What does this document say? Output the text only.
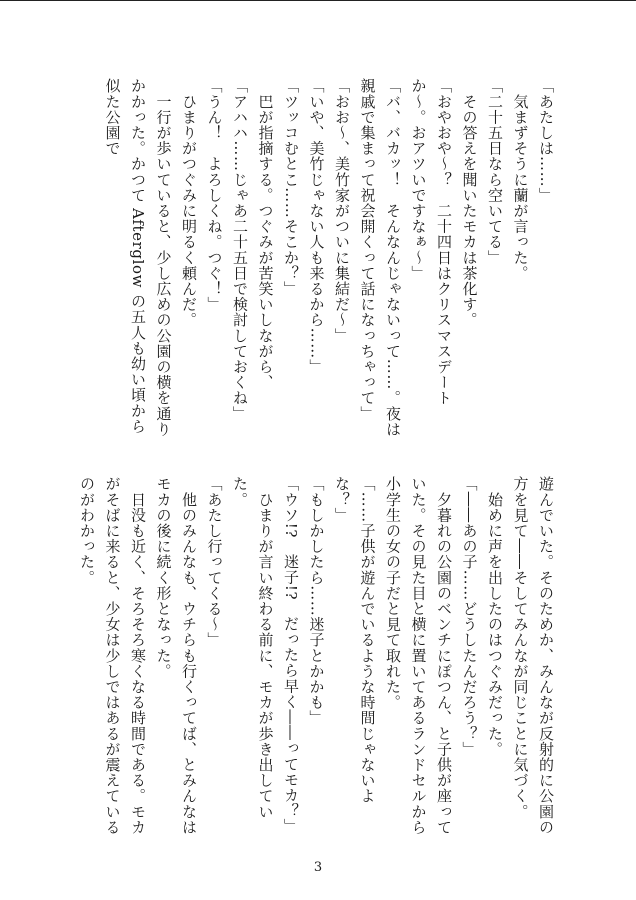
「あたしは……」

　気まずそうに蘭が言った。

「二十五日なら空いてる」

　その答えを聞いたモカは茶化す。

「おやおや〜？　二十四日はクリスマスデートか〜。おアツいですなぁ〜」

「バ、バカッ！　そんなんじゃないって……。夜は親戚で集まって祝会開くって話になっちゃって」

「おお〜、美竹家がついに集結だ〜」

「いや、美竹じゃない人も来るから……」

「ツッコむとこ……そこか？」

　巴が指摘する。つぐみが苦笑いしながら、

「アハハ……じゃあ二十五日で検討しておくね」

「うん！　よろしくね。つぐ！」

　ひまりがつぐみに明るく頼んだ。

　一行が歩いていると、少し広めの公園の横を通りかかった。かつて Afterglow の五人も幼い頃から似た公園で

遊んでいた。そのためか、みんなが反射的に公園の方を見て――そしてみんなが同じことに気づく。

　始めに声を出したのはつぐみだった。

「――あの子……どうしたんだろう？」

　夕暮れの公園のベンチにぽつん、と子供が座っていた。その見た目と横に置いてあるランドセルから小学生の女の子だと見て取れた。

「……子供が遊んでいるような時間じゃないよな？」

「もしかしたら……迷子とかかも」

「ウソ!?　迷子!?　だったら早く――ってモカ？」

　ひまりが言い終わる前に、モカが歩き出していた。

「あたし行ってくる〜」

　他のみんなも、ウチらも行くってば、とみんなはモカの後に続く形となった。

　日没も近く、そろそろ寒くなる時間である。モカがそばに来ると、少女は少しではあるが震えているのがわかった。

3
